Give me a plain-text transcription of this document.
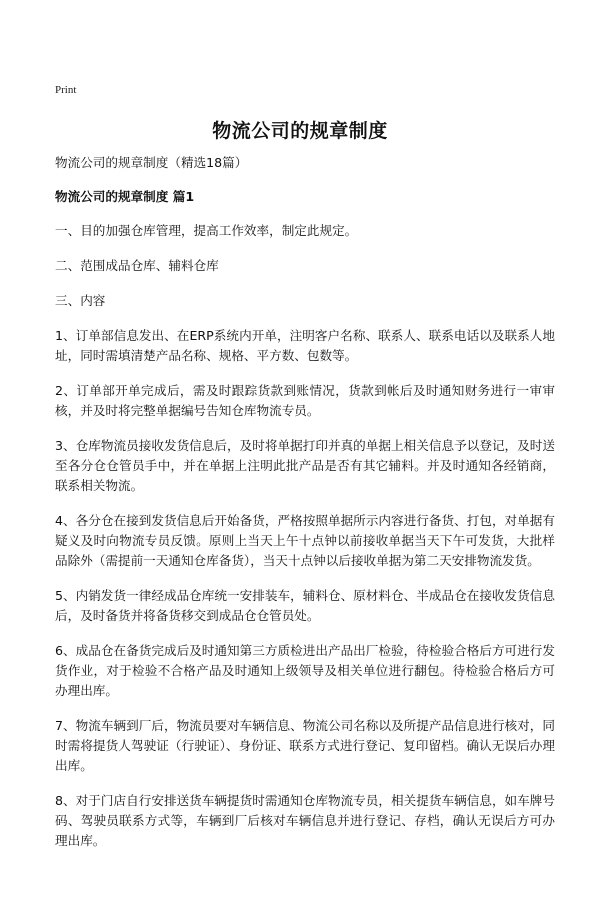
Print
物流公司的规章制度

物流公司的规章制度（精选18篇）

物流公司的规章制度 篇1

一、目的加强仓库管理，提高工作效率，制定此规定。

二、范围成品仓库、辅料仓库

三、内容

1、订单部信息发出、在ERP系统内开单，注明客户名称、联系人、联系电话以及联系人地址，同时需填清楚产品名称、规格、平方数、包数等。

2、订单部开单完成后，需及时跟踪货款到账情况，货款到帐后及时通知财务进行一审审核，并及时将完整单据编号告知仓库物流专员。

3、仓库物流员接收发货信息后，及时将单据打印并真的单据上相关信息予以登记，及时送至各分仓仓管员手中，并在单据上注明此批产品是否有其它辅料。并及时通知各经销商，联系相关物流。

4、各分仓在接到发货信息后开始备货，严格按照单据所示内容进行备货、打包，对单据有疑义及时向物流专员反馈。原则上当天上午十点钟以前接收单据当天下午可发货，大批样品除外（需提前一天通知仓库备货），当天十点钟以后接收单据为第二天安排物流发货。

5、内销发货一律经成品仓库统一安排装车，辅料仓、原材料仓、半成品仓在接收发货信息后，及时备货并将备货移交到成品仓仓管员处。

6、成品仓在备货完成后及时通知第三方质检进出产品出厂检验，待检验合格后方可进行发货作业，对于检验不合格产品及时通知上级领导及相关单位进行翻包。待检验合格后方可办理出库。

7、物流车辆到厂后，物流员要对车辆信息、物流公司名称以及所提产品信息进行核对，同时需将提货人驾驶证（行驶证）、身份证、联系方式进行登记、复印留档。确认无误后办理出库。

8、对于门店自行安排送货车辆提货时需通知仓库物流专员，相关提货车辆信息，如车牌号码、驾驶员联系方式等，车辆到厂后核对车辆信息并进行登记、存档，确认无误后方可办理出库。
